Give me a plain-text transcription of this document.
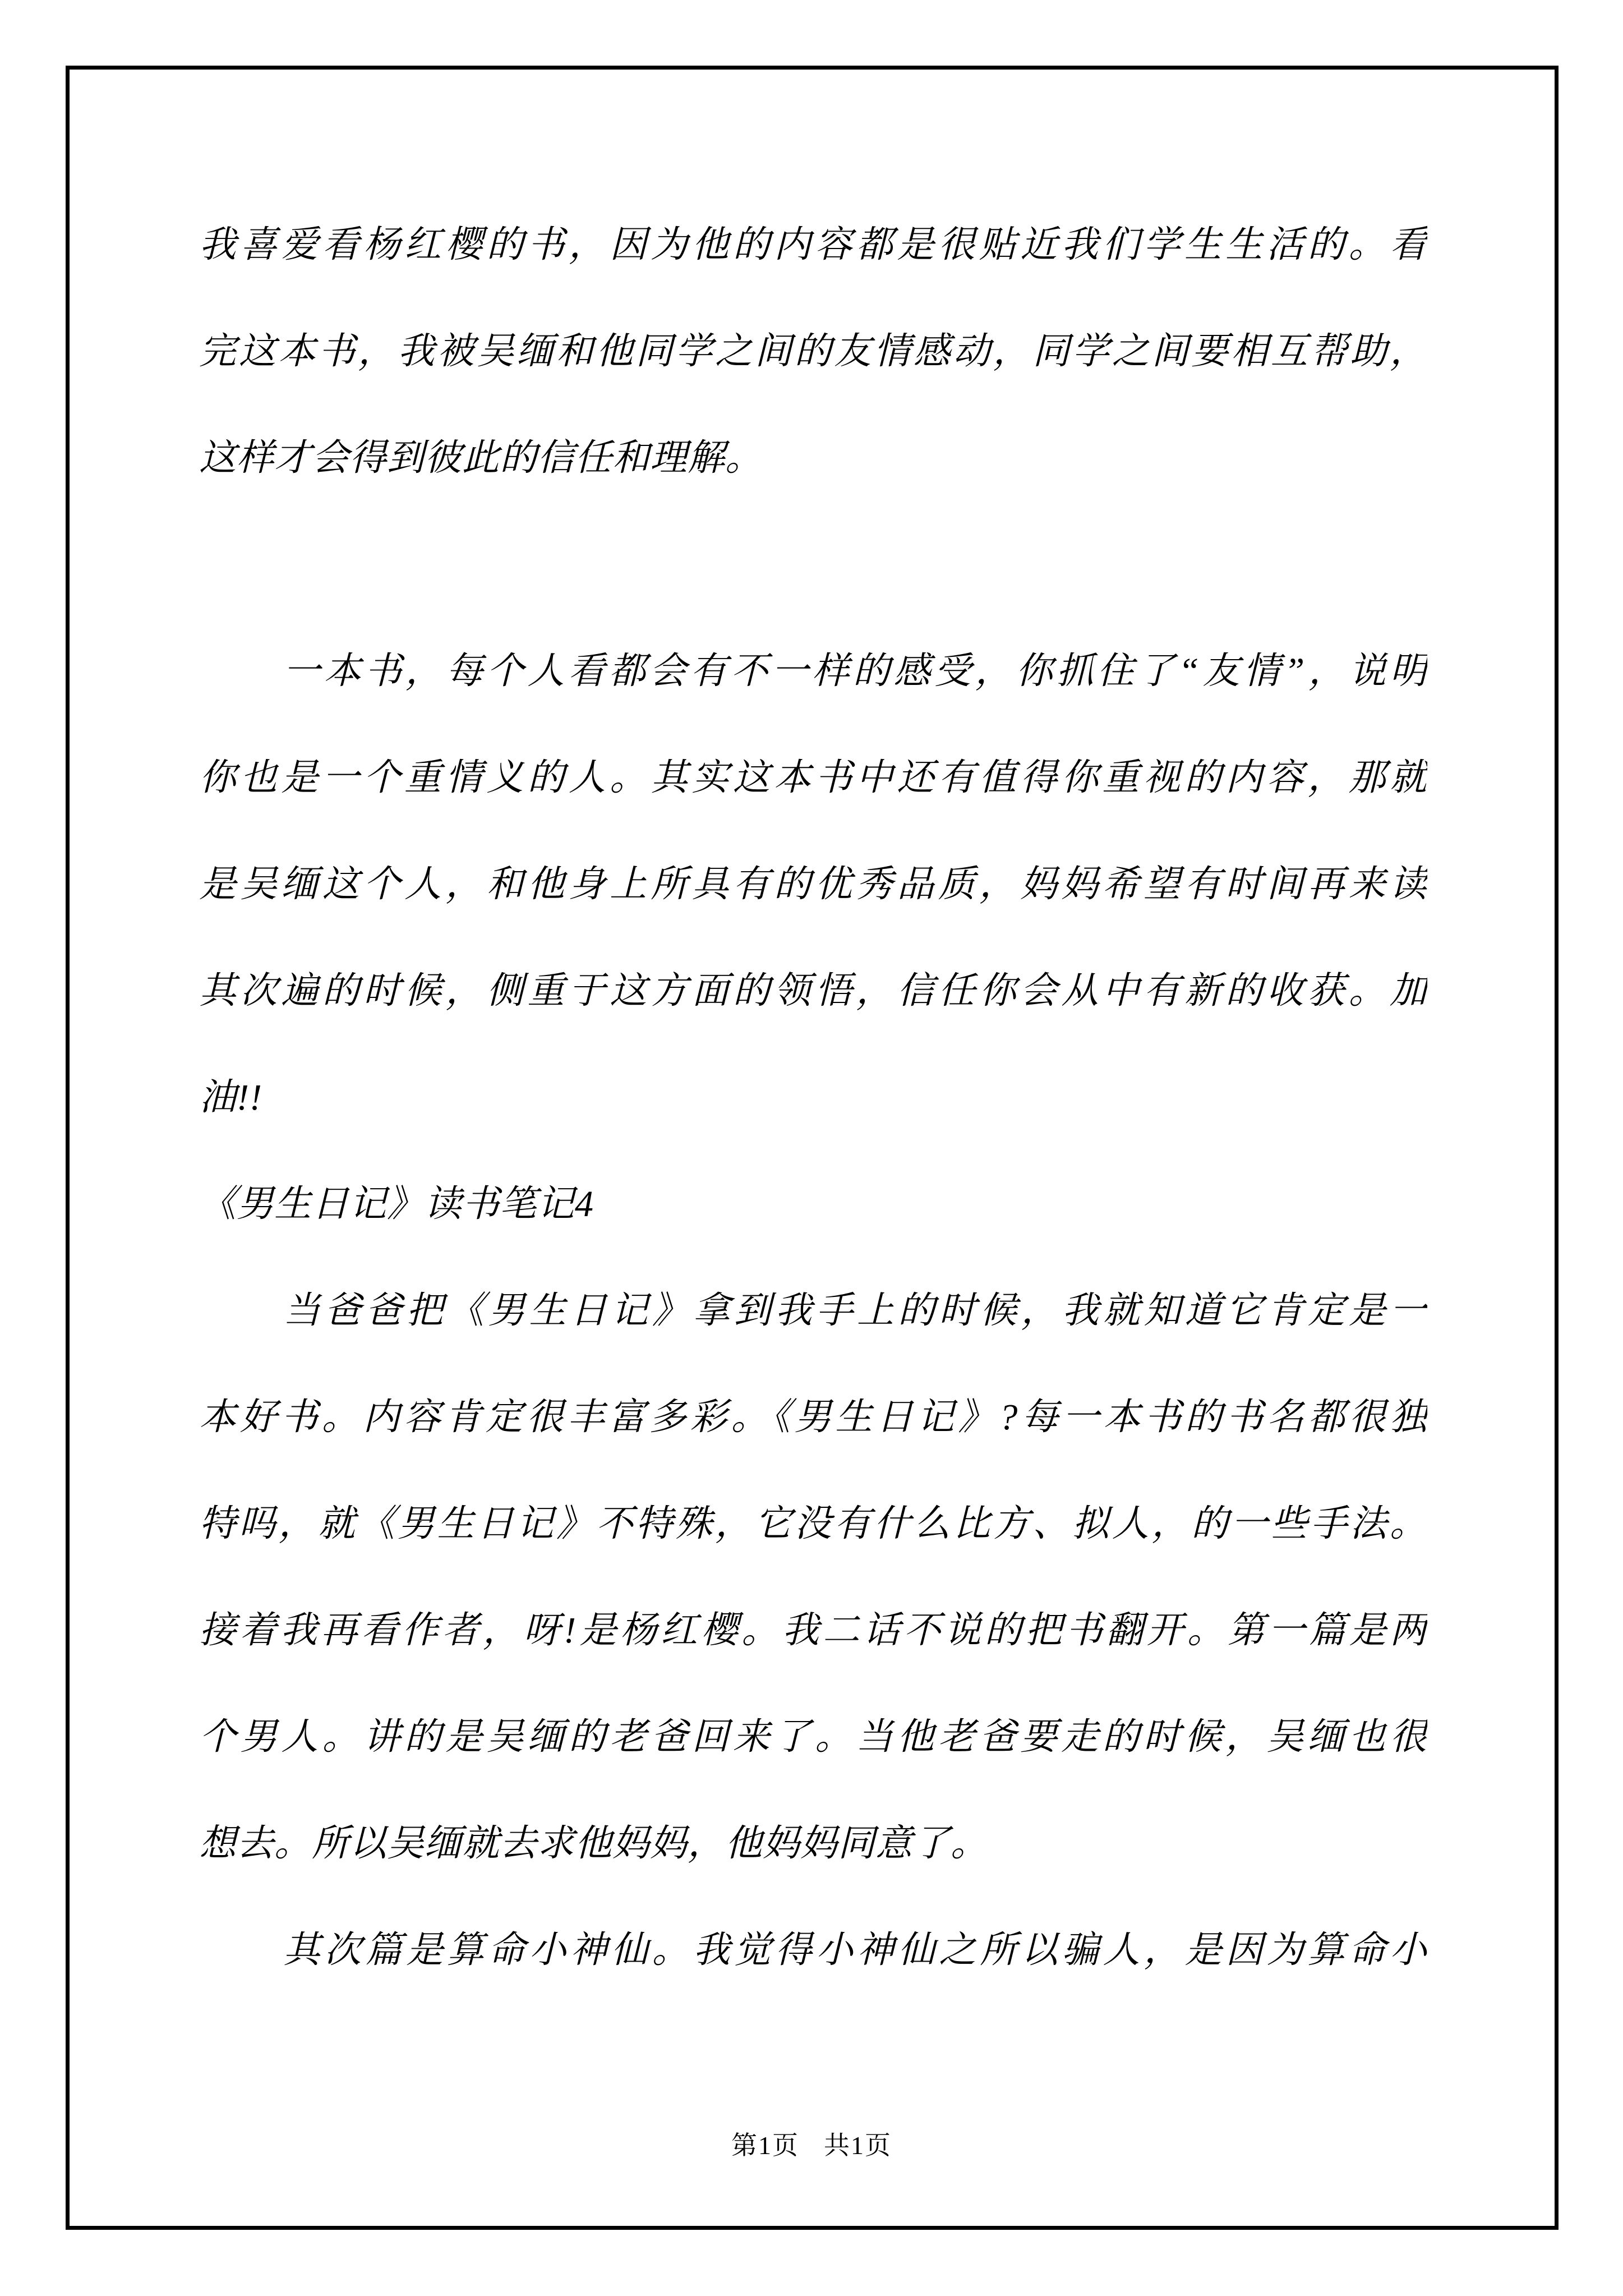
我喜爱看杨红樱的书，因为他的内容都是很贴近我们学生生活的。看
完这本书，我被吴缅和他同学之间的友情感动，同学之间要相互帮助，
这样才会得到彼此的信任和理解。
一本书，每个人看都会有不一样的感受，你抓住了“友情”，说明
你也是一个重情义的人。其实这本书中还有值得你重视的内容，那就
是吴缅这个人，和他身上所具有的优秀品质，妈妈希望有时间再来读
其次遍的时候，侧重于这方面的领悟，信任你会从中有新的收获。加
油!!
《男生日记》读书笔记4
当爸爸把《男生日记》拿到我手上的时候，我就知道它肯定是一
本好书。内容肯定很丰富多彩。《男生日记》?每一本书的书名都很独
特吗，就《男生日记》不特殊，它没有什么比方、拟人，的一些手法。
接着我再看作者，呀!是杨红樱。我二话不说的把书翻开。第一篇是两
个男人。讲的是吴缅的老爸回来了。当他老爸要走的时候，吴缅也很
想去。所以吴缅就去求他妈妈，他妈妈同意了。
其次篇是算命小神仙。我觉得小神仙之所以骗人，是因为算命小
第1页 共1页
